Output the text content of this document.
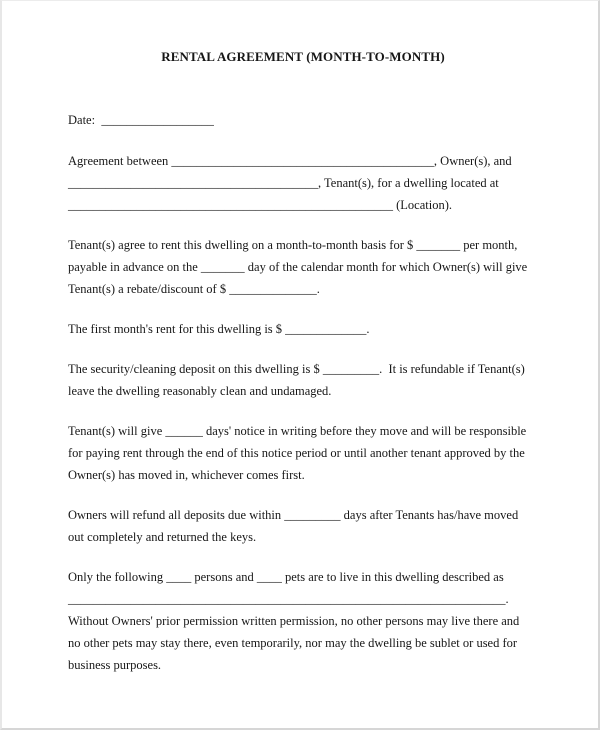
RENTAL AGREEMENT (MONTH-TO-MONTH)
Date:  __________________
Agreement between __________________________________________, Owner(s), and
________________________________________, Tenant(s), for a dwelling located at
____________________________________________________ (Location).
Tenant(s) agree to rent this dwelling on a month-to-month basis for $ _______ per month,
payable in advance on the _______ day of the calendar month for which Owner(s) will give
Tenant(s) a rebate/discount of $ ______________.
The first month's rent for this dwelling is $ _____________.
The security/cleaning deposit on this dwelling is $ _________.  It is refundable if Tenant(s)
leave the dwelling reasonably clean and undamaged.
Tenant(s) will give ______ days' notice in writing before they move and will be responsible
for paying rent through the end of this notice period or until another tenant approved by the
Owner(s) has moved in, whichever comes first.
Owners will refund all deposits due within _________ days after Tenants has/have moved
out completely and returned the keys.
Only the following ____ persons and ____ pets are to live in this dwelling described as
______________________________________________________________________.
Without Owners' prior permission written permission, no other persons may live there and
no other pets may stay there, even temporarily, nor may the dwelling be sublet or used for
business purposes.
